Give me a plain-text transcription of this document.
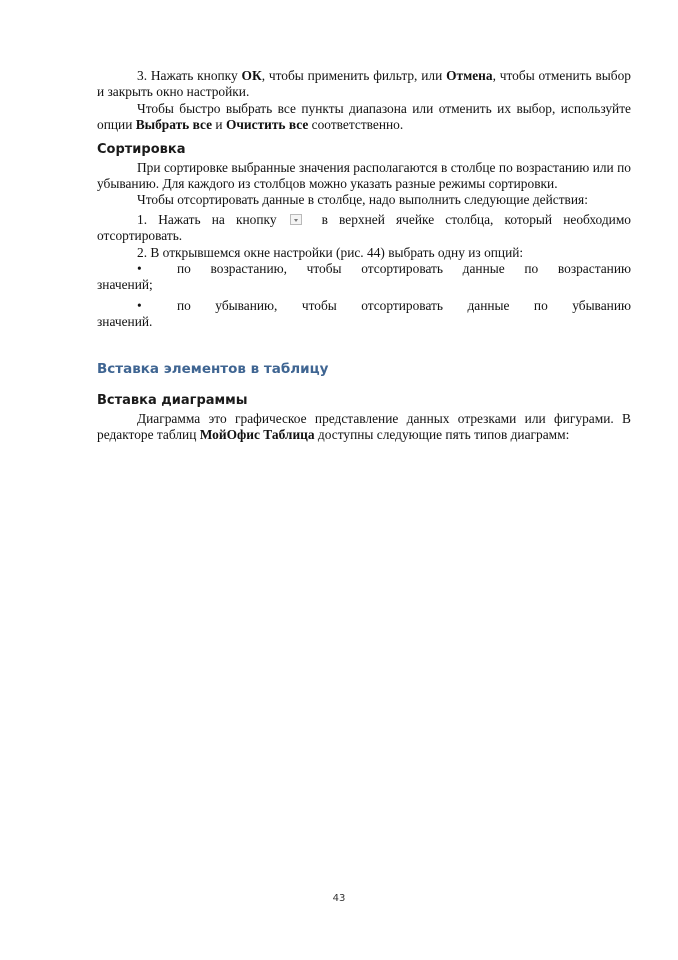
3. Нажать кнопку ОК, чтобы применить фильтр, или Отмена, чтобы отменить выбор и закрыть окно настройки.

Чтобы быстро выбрать все пункты диапазона или отменить их выбор, используйте опции Выбрать все и Очистить все соответственно.

Сортировка

При сортировке выбранные значения располагаются в столбце по возрастанию или по убыванию. Для каждого из столбцов можно указать разные режимы сортировки.

Чтобы отсортировать данные в столбце, надо выполнить следующие действия:

1. Нажать на кнопку	в верхней ячейке столбца, который необходимо отсортировать.

2. В открывшемся окне настройки (рис. 44) выбрать одну из опций:

•	по возрастанию, чтобы отсортировать данные по возрастанию

значений;

•	по убыванию, чтобы отсортировать данные по убыванию

значений.

Вставка элементов в таблицу
Вставка диаграммы

Диаграмма это графическое представление данных отрезками или фигурами. В редакторе таблиц МойОфис Таблица доступны следующие пять типов диаграмм:

43
